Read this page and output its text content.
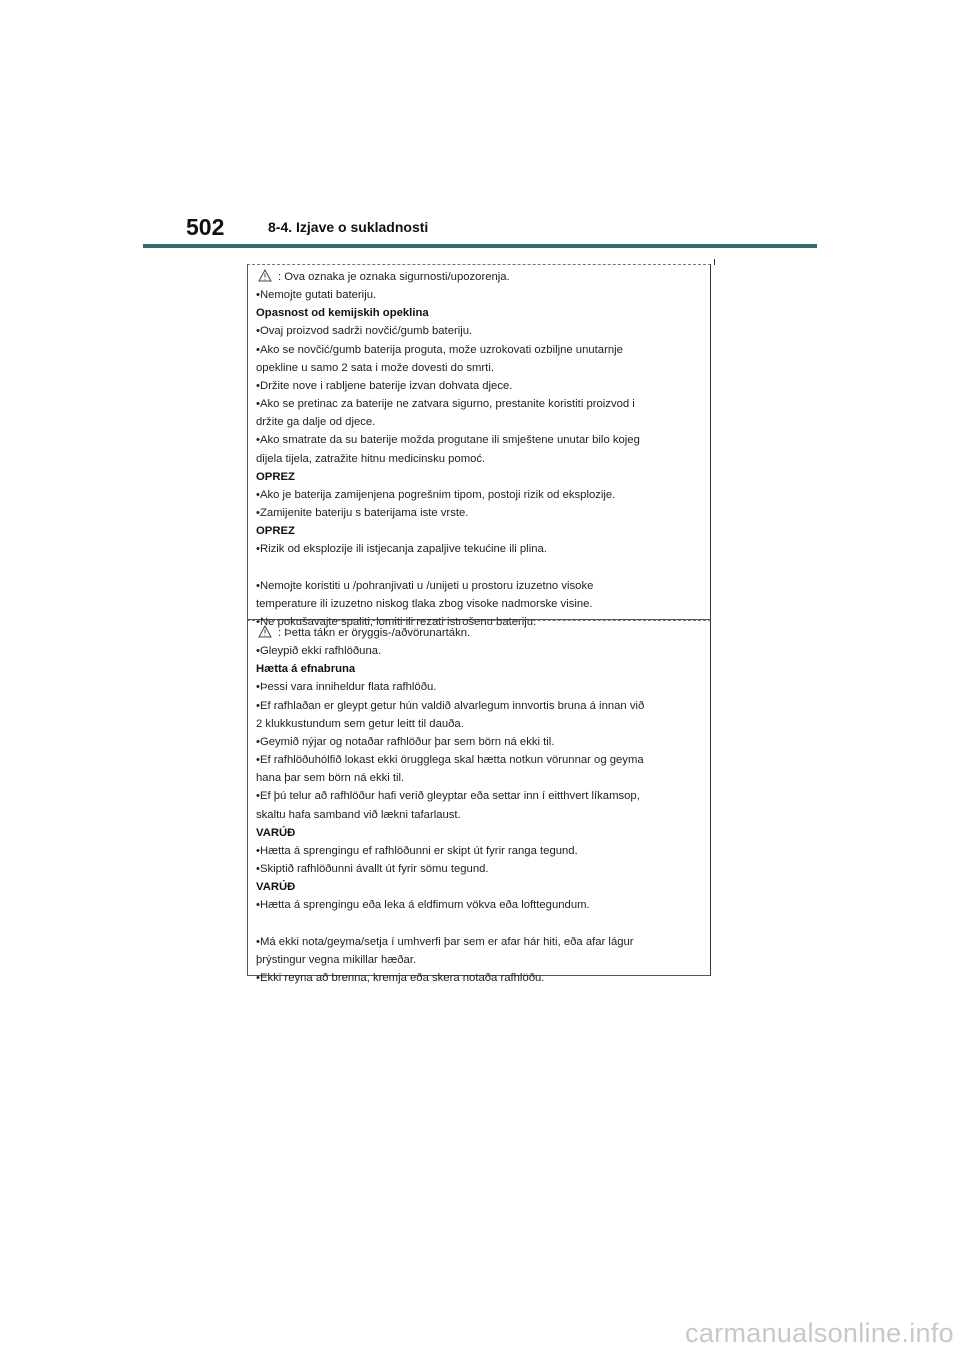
502	8-4. Izjave o sukladnosti
: Ova oznaka je oznaka sigurnosti/upozorenja.
•Nemojte gutati bateriju.
Opasnost od kemijskih opeklina
•Ovaj proizvod sadrži novčić/gumb bateriju.
•Ako se novčić/gumb baterija proguta, može uzrokovati ozbiljne unutarnje
opekline u samo 2 sata i može dovesti do smrti.
•Držite nove i rabljene baterije izvan dohvata djece.
•Ako se pretinac za baterije ne zatvara sigurno, prestanite koristiti proizvod i
držite ga dalje od djece.
•Ako smatrate da su baterije možda progutane ili smještene unutar bilo kojeg
dijela tijela, zatražite hitnu medicinsku pomoć.
OPREZ
•Ako je baterija zamijenjena pogrešnim tipom, postoji rizik od eksplozije.
•Zamijenite bateriju s baterijama iste vrste.
OPREZ
•Rizik od eksplozije ili istjecanja zapaljive tekućine ili plina.
•Nemojte koristiti u /pohranjivati u /unijeti u prostoru izuzetno visoke
temperature ili izuzetno niskog tlaka zbog visoke nadmorske visine.
•Ne pokušavajte spaliti, lomiti ili rezati istrošenu bateriju.
: Þetta tákn er öryggis-/aðvörunartákn.
•Gleypið ekki rafhlöðuna.
Hætta á efnabruna
•Þessi vara inniheldur flata rafhlöðu.
•Ef rafhlaðan er gleypt getur hún valdið alvarlegum innvortis bruna á innan við
2 klukkustundum sem getur leitt til dauða.
•Geymið nýjar og notaðar rafhlöður þar sem börn ná ekki til.
•Ef rafhlöðuhólfið lokast ekki örugglega skal hætta notkun vörunnar og geyma
hana þar sem börn ná ekki til.
•Ef þú telur að rafhlöður hafi verið gleyptar eða settar inn í eitthvert líkamsop,
skaltu hafa samband við lækni tafarlaust.
VARÚÐ
•Hætta á sprengingu ef rafhlöðunni er skipt út fyrir ranga tegund.
•Skiptið rafhlöðunni ávallt út fyrir sömu tegund.
VARÚÐ
•Hætta á sprengingu eða leka á eldfimum vökva eða lofttegundum.
•Má ekki nota/geyma/setja í umhverfi þar sem er afar hár hiti, eða afar lágur
þrýstingur vegna mikillar hæðar.
•Ekki reyna að brenna, kremja eða skera notaða rafhlöðu.
carmanualsonline.info
